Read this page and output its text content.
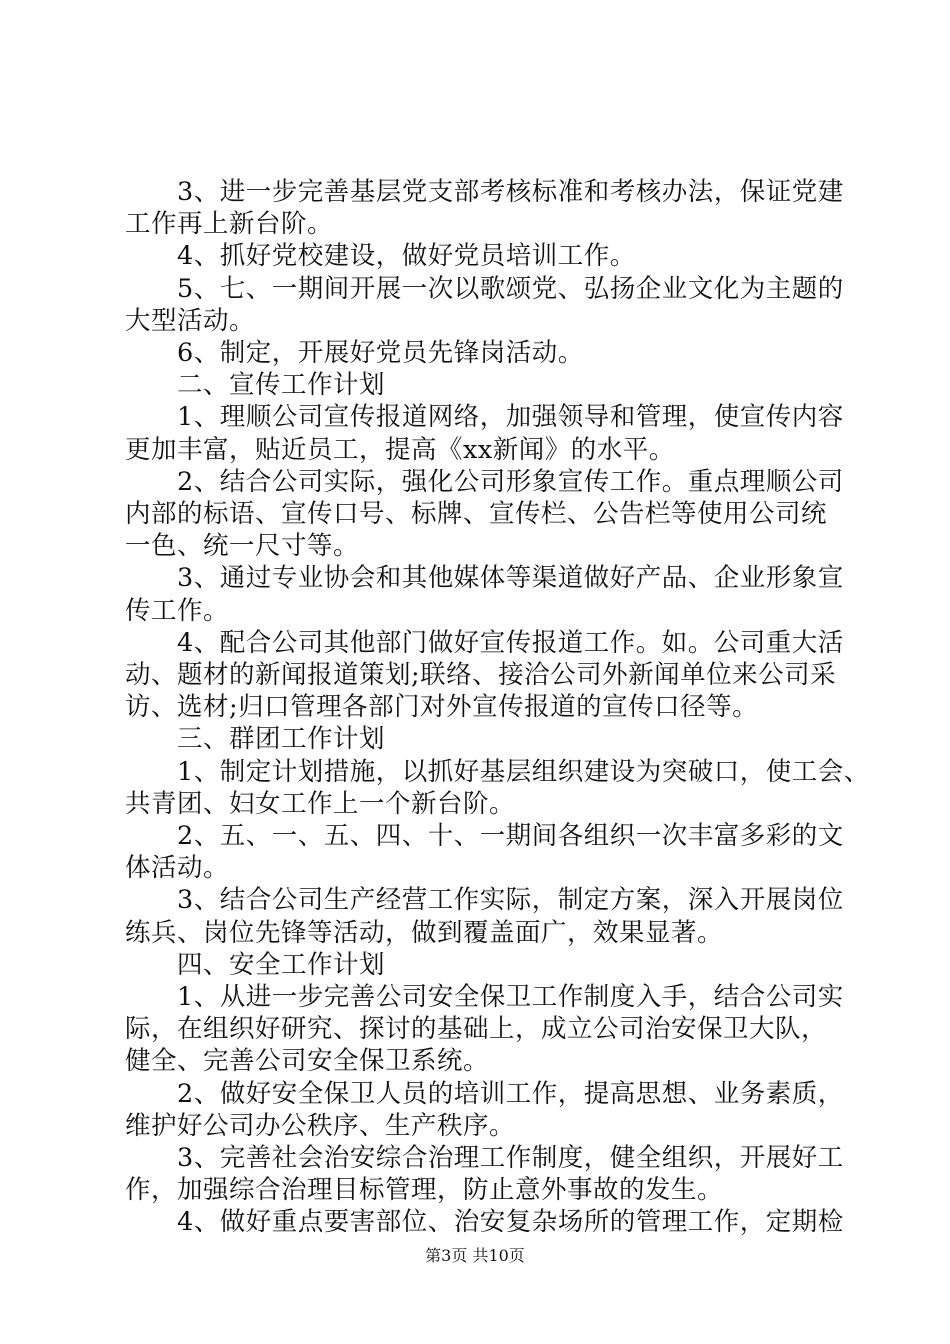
3、进一步完善基层党支部考核标准和考核办法，保证党建
工作再上新台阶。
4、抓好党校建设，做好党员培训工作。
5、七、一期间开展一次以歌颂党、弘扬企业文化为主题的
大型活动。
6、制定，开展好党员先锋岗活动。
二、宣传工作计划
1、理顺公司宣传报道网络，加强领导和管理，使宣传内容
更加丰富，贴近员工，提高《xx新闻》的水平。
2、结合公司实际，强化公司形象宣传工作。重点理顺公司
内部的标语、宣传口号、标牌、宣传栏、公告栏等使用公司统
一色、统一尺寸等。
3、通过专业协会和其他媒体等渠道做好产品、企业形象宣
传工作。
4、配合公司其他部门做好宣传报道工作。如。公司重大活
动、题材的新闻报道策划;联络、接洽公司外新闻单位来公司采
访、选材;归口管理各部门对外宣传报道的宣传口径等。
三、群团工作计划
1、制定计划措施，以抓好基层组织建设为突破口，使工会、
共青团、妇女工作上一个新台阶。
2、五、一、五、四、十、一期间各组织一次丰富多彩的文
体活动。
3、结合公司生产经营工作实际，制定方案，深入开展岗位
练兵、岗位先锋等活动，做到覆盖面广，效果显著。
四、安全工作计划
1、从进一步完善公司安全保卫工作制度入手，结合公司实
际，在组织好研究、探讨的基础上，成立公司治安保卫大队，
健全、完善公司安全保卫系统。
2、做好安全保卫人员的培训工作，提高思想、业务素质，
维护好公司办公秩序、生产秩序。
3、完善社会治安综合治理工作制度，健全组织，开展好工
作，加强综合治理目标管理，防止意外事故的发生。
4、做好重点要害部位、治安复杂场所的管理工作，定期检
第3页 共10页
